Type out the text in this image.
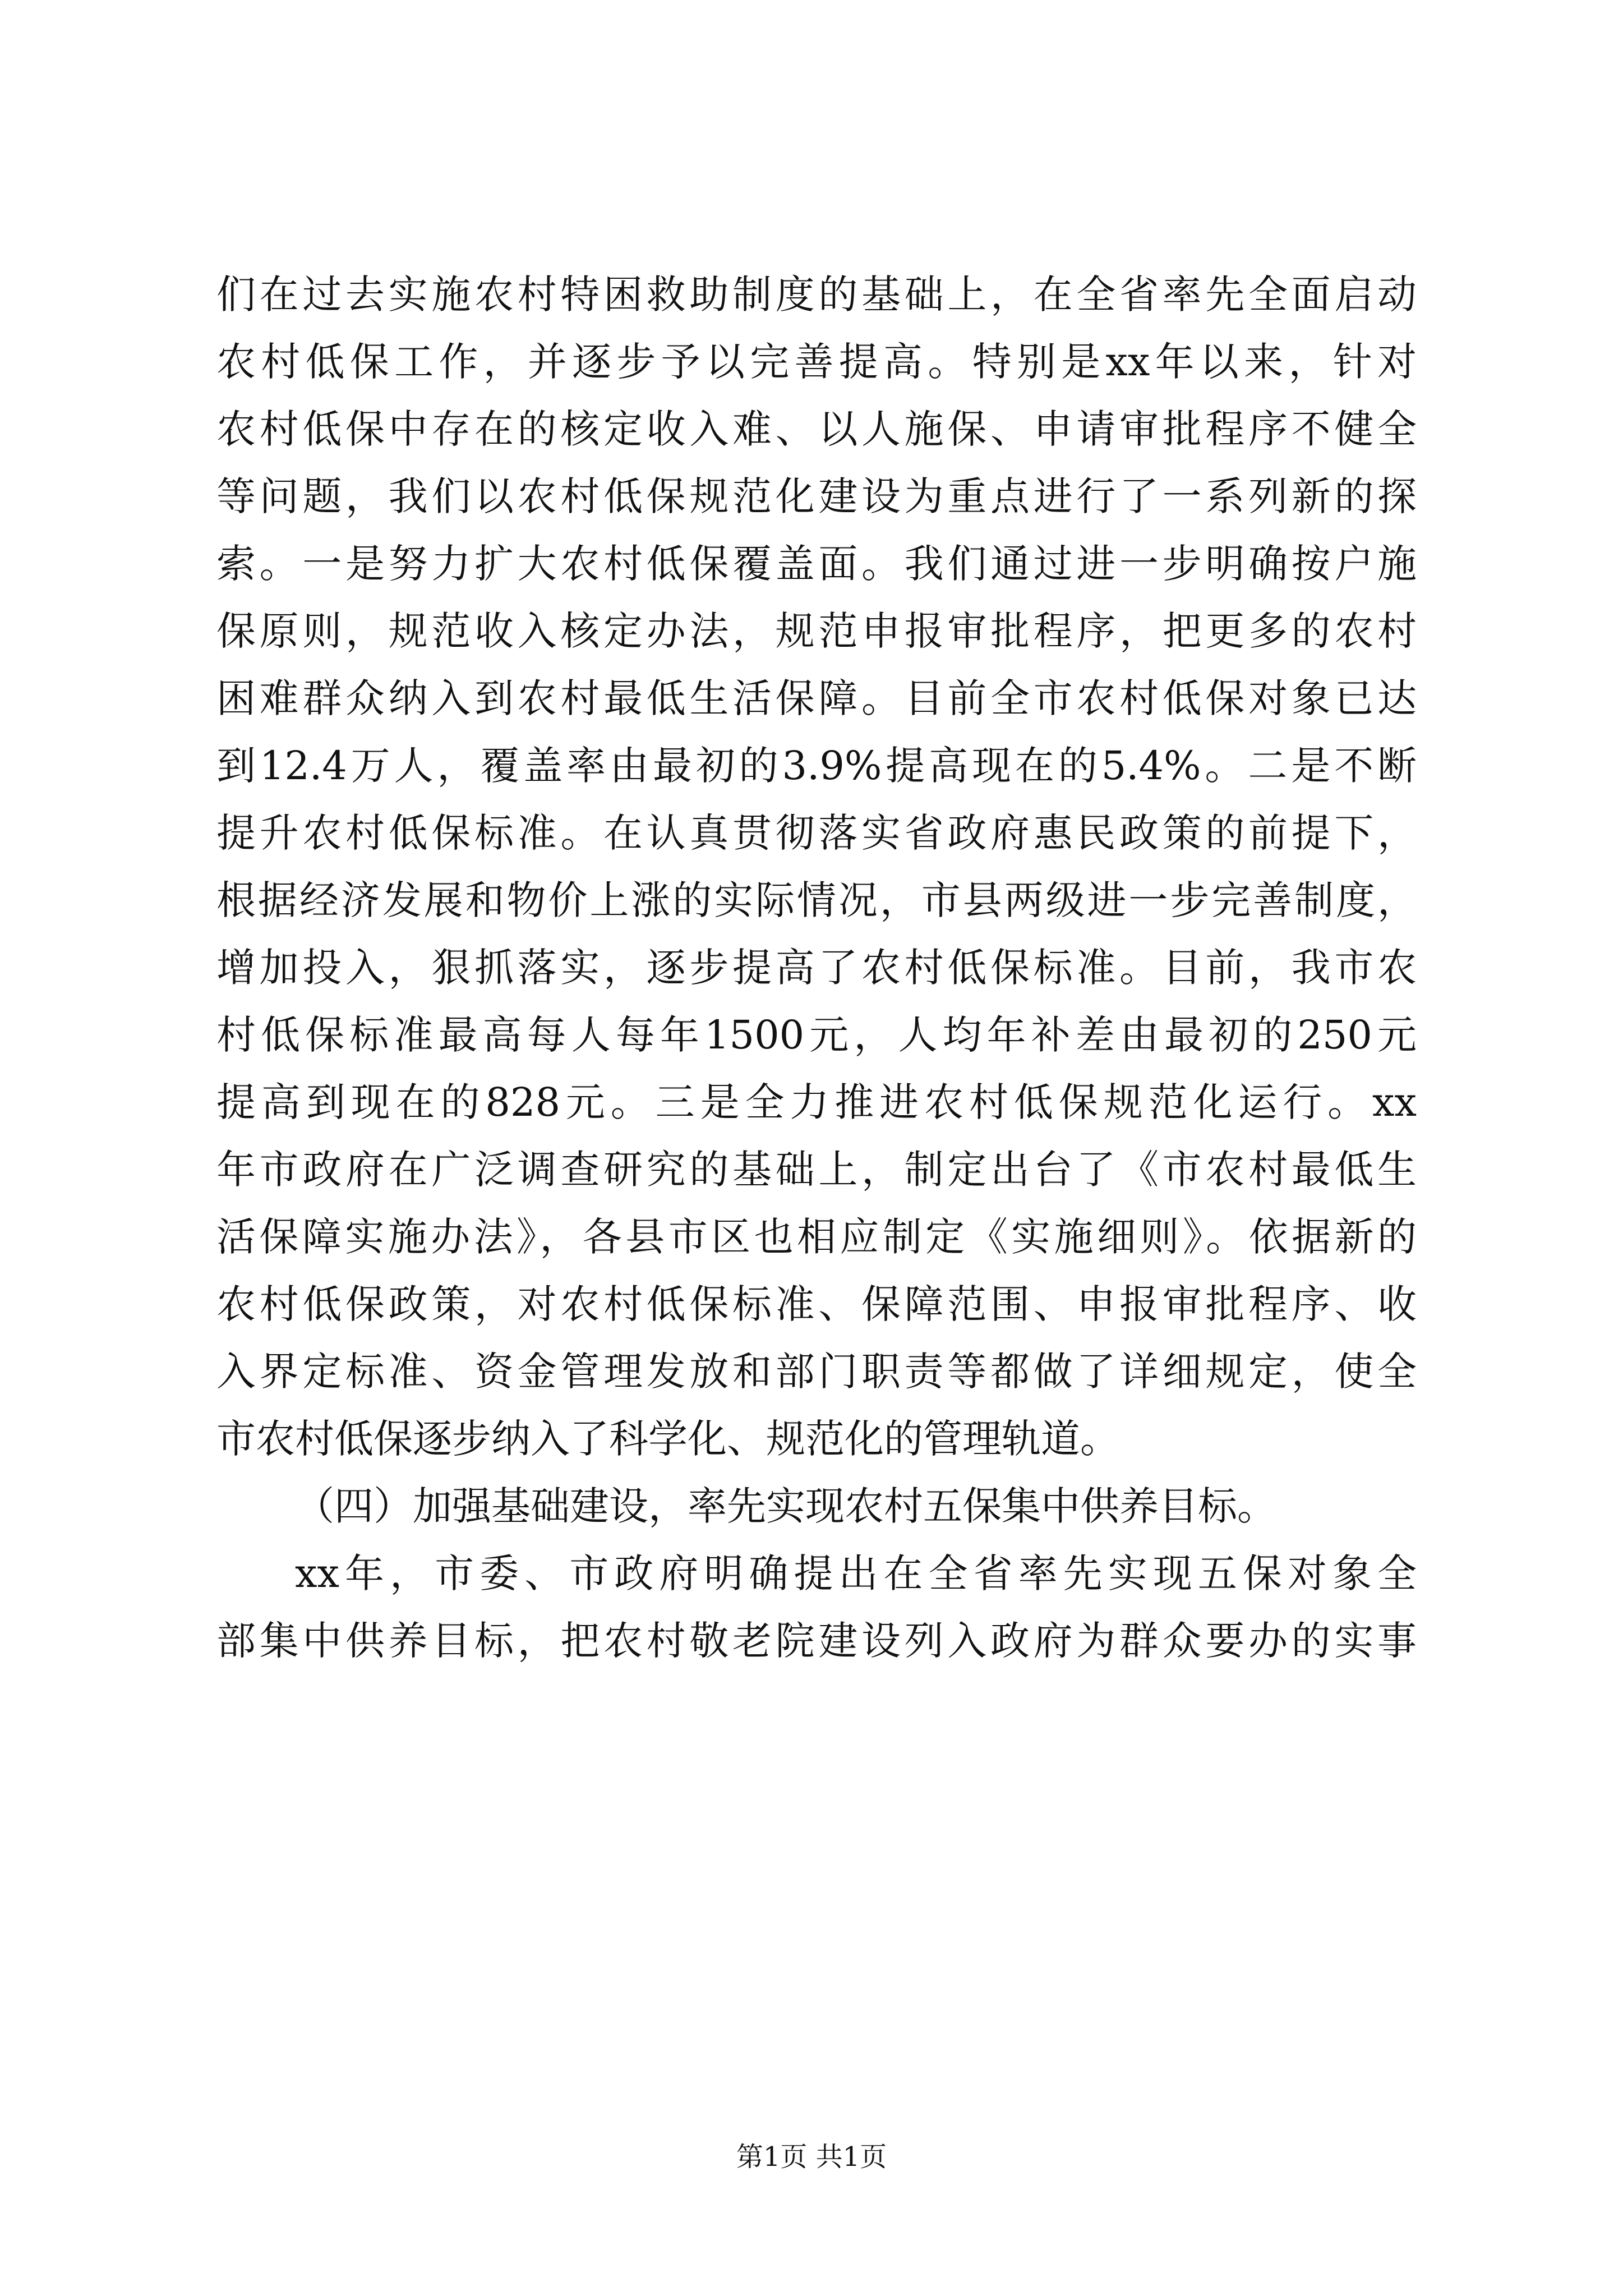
们在过去实施农村特困救助制度的基础上，在全省率先全面启动
农村低保工作，并逐步予以完善提高。特别是xx年以来，针对
农村低保中存在的核定收入难、以人施保、申请审批程序不健全
等问题，我们以农村低保规范化建设为重点进行了一系列新的探
索。一是努力扩大农村低保覆盖面。我们通过进一步明确按户施
保原则，规范收入核定办法，规范申报审批程序，把更多的农村
困难群众纳入到农村最低生活保障。目前全市农村低保对象已达
到12.4万人，覆盖率由最初的3.9%提高现在的5.4%。二是不断
提升农村低保标准。在认真贯彻落实省政府惠民政策的前提下，
根据经济发展和物价上涨的实际情况，市县两级进一步完善制度，
增加投入，狠抓落实，逐步提高了农村低保标准。目前，我市农
村低保标准最高每人每年1500元，人均年补差由最初的250元
提高到现在的828元。三是全力推进农村低保规范化运行。xx
年市政府在广泛调查研究的基础上，制定出台了《市农村最低生
活保障实施办法》，各县市区也相应制定《实施细则》。依据新的
农村低保政策，对农村低保标准、保障范围、申报审批程序、收
入界定标准、资金管理发放和部门职责等都做了详细规定，使全
市农村低保逐步纳入了科学化、规范化的管理轨道。
（四）加强基础建设，率先实现农村五保集中供养目标。
xx年，市委、市政府明确提出在全省率先实现五保对象全
部集中供养目标，把农村敬老院建设列入政府为群众要办的实事
第1页 共1页
